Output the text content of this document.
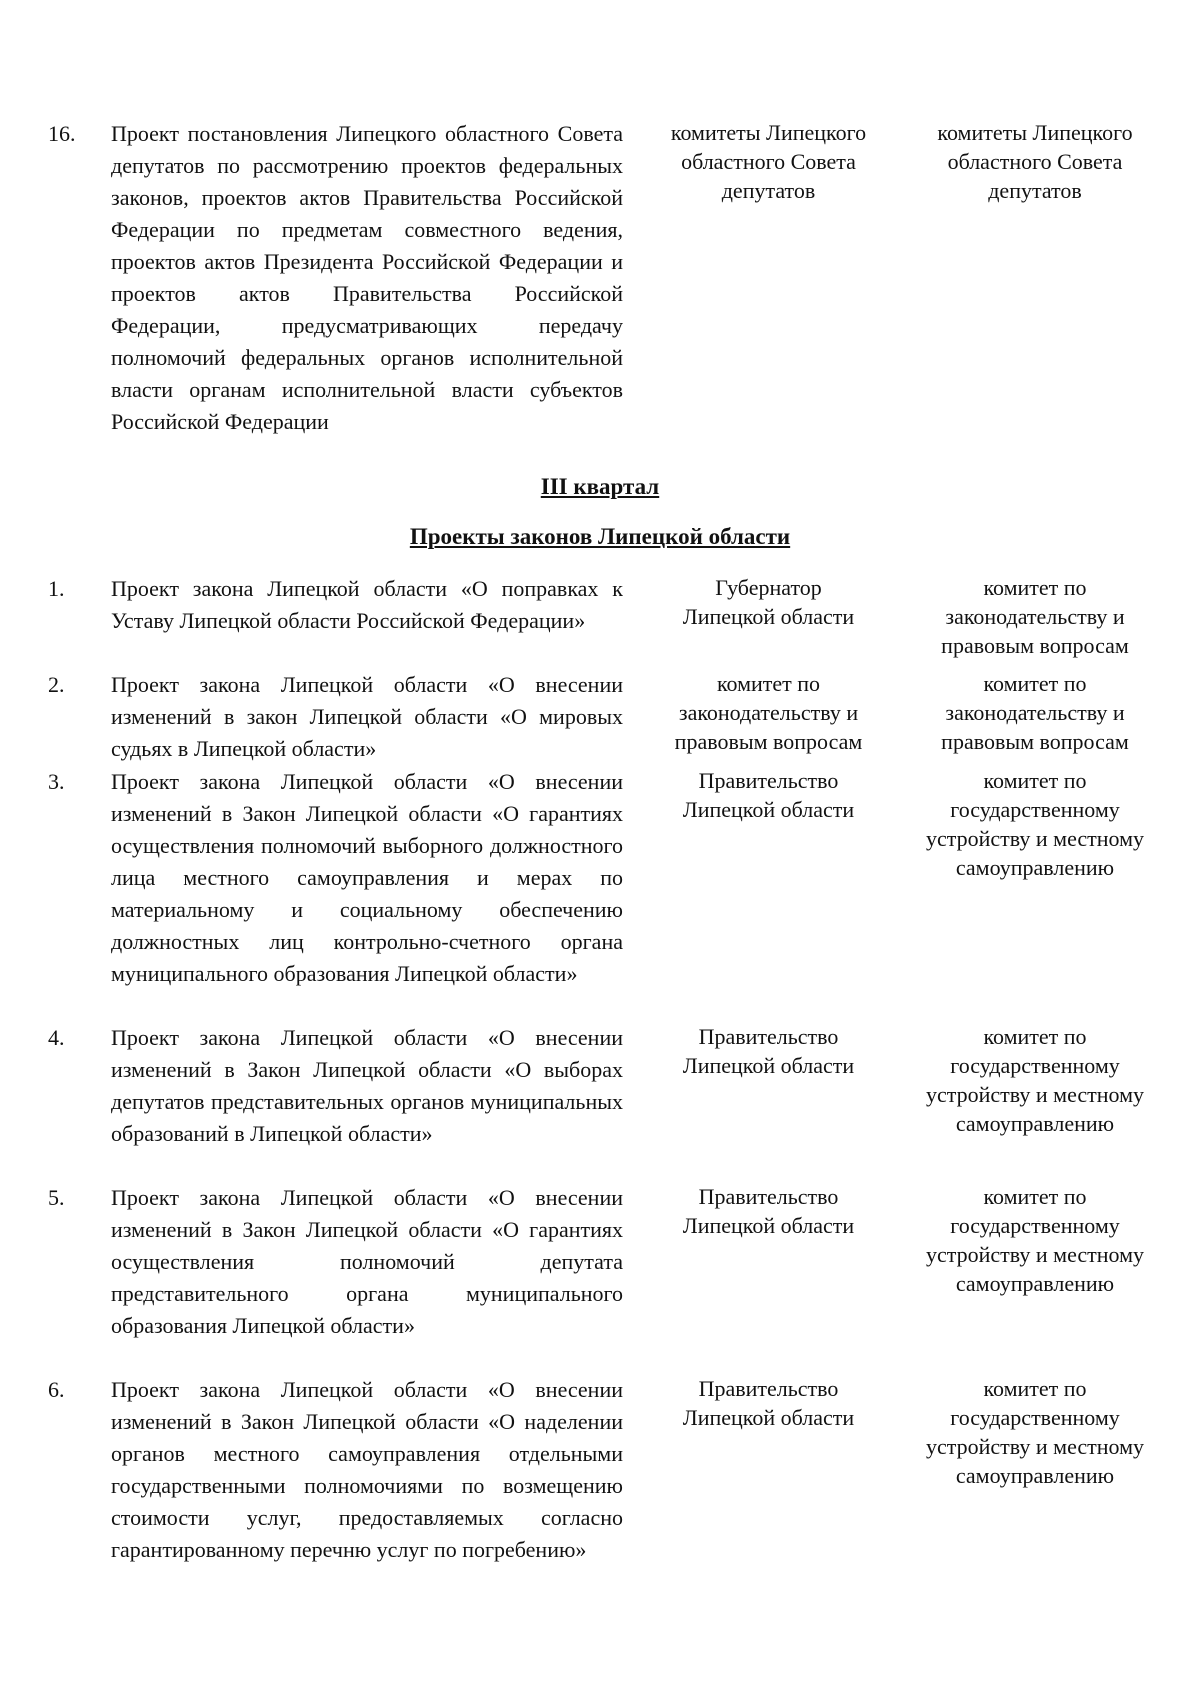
16. Проект постановления Липецкого областного Совета депутатов по рассмотрению проектов федеральных законов, проектов актов Правительства Российской Федерации по предметам совместного ведения, проектов актов Президента Российской Федерации и проектов актов Правительства Российской Федерации, предусматривающих передачу полномочий федеральных органов исполнительной власти органам исполнительной власти субъектов Российской Федерации
комитеты Липецкого областного Совета депутатов
комитеты Липецкого областного Совета депутатов
III квартал
Проекты законов Липецкой области
1. Проект закона Липецкой области «О поправках к Уставу Липецкой области Российской Федерации»
Губернатор Липецкой области
комитет по законодательству и правовым вопросам
2. Проект закона Липецкой области «О внесении изменений в закон Липецкой области «О мировых судьях в Липецкой области»
комитет по законодательству и правовым вопросам
комитет по законодательству и правовым вопросам
3. Проект закона Липецкой области «О внесении изменений в Закон Липецкой области «О гарантиях осуществления полномочий выборного должностного лица местного самоуправления и мерах по материальному и социальному обеспечению должностных лиц контрольно-счетного органа муниципального образования Липецкой области»
Правительство Липецкой области
комитет по государственному устройству и местному самоуправлению
4. Проект закона Липецкой области «О внесении изменений в Закон Липецкой области «О выборах депутатов представительных органов муниципальных образований в Липецкой области»
Правительство Липецкой области
комитет по государственному устройству и местному самоуправлению
5. Проект закона Липецкой области «О внесении изменений в Закон Липецкой области «О гарантиях осуществления полномочий депутата представительного органа муниципального образования Липецкой области»
Правительство Липецкой области
комитет по государственному устройству и местному самоуправлению
6. Проект закона Липецкой области «О внесении изменений в Закон Липецкой области «О наделении органов местного самоуправления отдельными государственными полномочиями по возмещению стоимости услуг, предоставляемых согласно гарантированному перечню услуг по погребению»
Правительство Липецкой области
комитет по государственному устройству и местному самоуправлению
